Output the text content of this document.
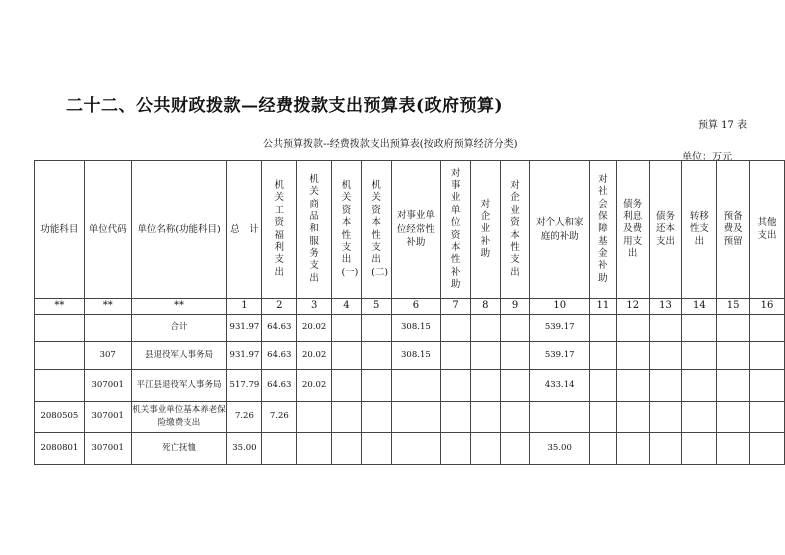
二十二、公共财政拨款—经费拨款支出预算表(政府预算)
预算 17 表
公共预算拨款--经费拨款支出预算表(按政府预算经济分类)
单位：万元
功能科目	单位代码	单位名称(功能科目)	总　计	机关工资福利支出	机关商品和服务支出	机关资本性支出(一)	机关资本性支出(二)	对事业单位经常性补助	对事业单位资本性补助	对企业补助	对企业资本性支出	对个人和家庭的补助	对社会保障基金补助	债务利息及费用支出	债务还本支出	转移性支出	预备费及预留	其他支出

**	**	**	1	2	3	4	5	6	7	8	9	10	11	12	13	14	15	16
		合计	931.97	64.63	20.02			308.15				539.17						
	307	县退役军人事务局	931.97	64.63	20.02			308.15				539.17						
	307001	平江县退役军人事务局	517.79	64.63	20.02							433.14						
2080505	307001	机关事业单位基本养老保险缴费支出	7.26	7.26														
2080801	307001	死亡抚恤	35.00									35.00						
